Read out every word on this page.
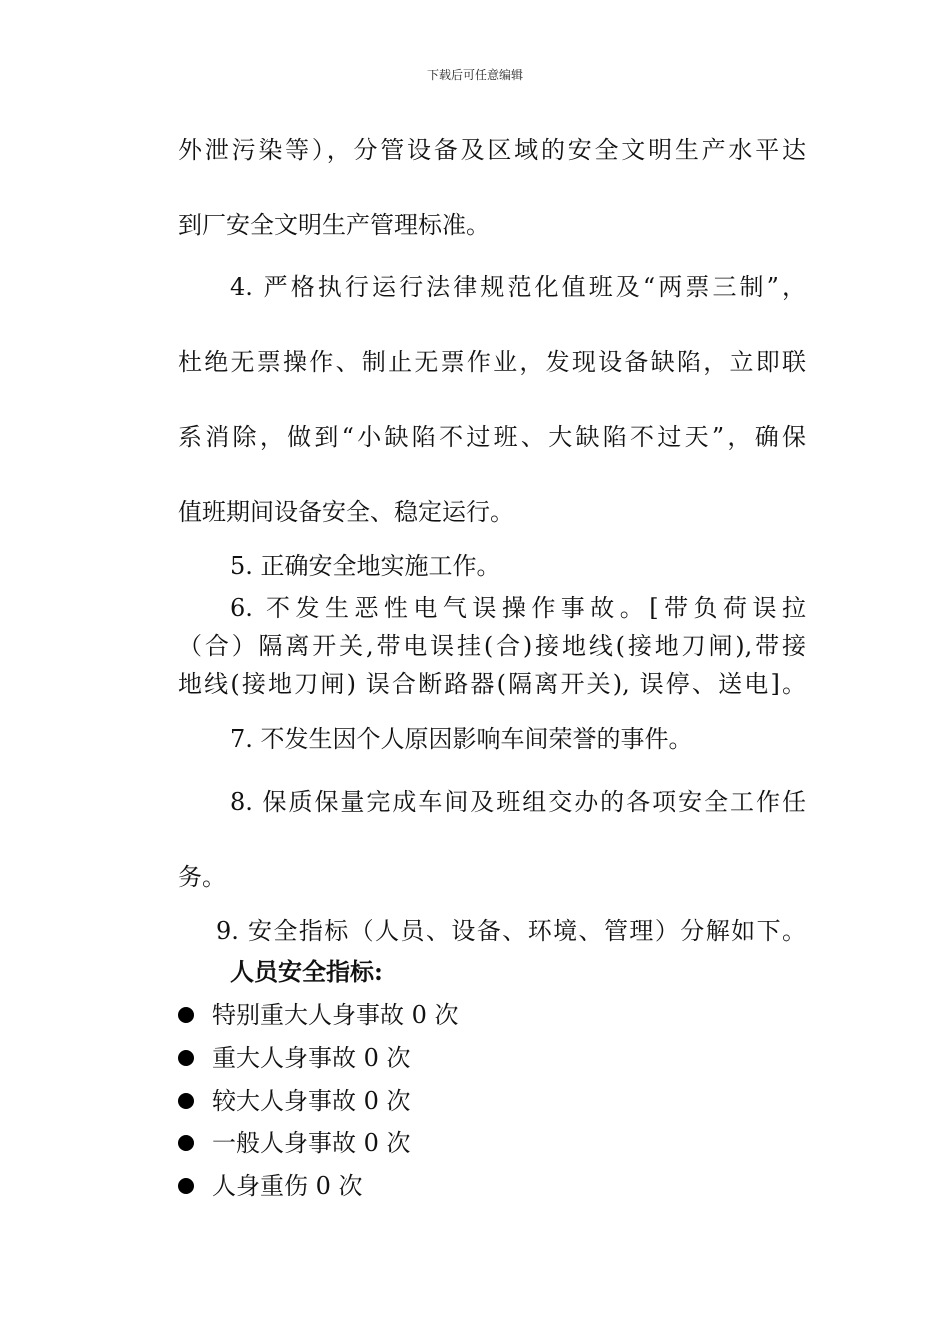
下载后可任意编辑
外泄污染等），分管设备及区域的安全文明生产水平达
到厂安全文明生产管理标准。
4. 严格执行运行法律规范化值班及“两票三制”，
杜绝无票操作、制止无票作业，发现设备缺陷，立即联
系消除，做到“小缺陷不过班、大缺陷不过天”，确保
值班期间设备安全、稳定运行。
5. 正确安全地实施工作。
6. 不发生恶性电气误操作事故。[带负荷误拉
（合）隔离开关,带电误挂(合)接地线(接地刀闸),带接
地线(接地刀闸) 误合断路器(隔离开关), 误停、送电]。
7. 不发生因个人原因影响车间荣誉的事件。
8. 保质保量完成车间及班组交办的各项安全工作任
务。
9. 安全指标（人员、设备、环境、管理）分解如下。
人员安全指标:
特别重大人身事故 0 次
重大人身事故 0 次
较大人身事故 0 次
一般人身事故 0 次
人身重伤 0 次
